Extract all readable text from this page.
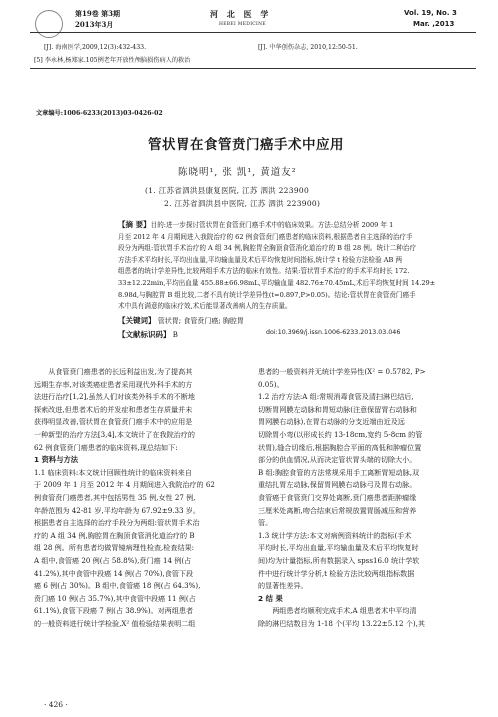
第19卷 第3期
2013年3月
河 北 医 学
HEBEI MEDICINE
Vol. 19, No. 3
Mar. ,2013
[J]. 海南医学,2009,12(3):432-433.
[5] 李永林,杨郑家.105例老年开放性颅脑损伤病人的救治
[J]. 中华创伤杂志, 2010,12:50-51.
文章编号:1006-6233(2013)03-0426-02
管状胃在食管贲门癌手术中应用
陈晓明¹, 张 凯¹, 黄道友²
(1. 江苏省泗洪县康复医院, 江苏 泗洪 223900
2. 江苏省泗洪县中医院, 江苏 泗洪 223900)
【摘 要】目的:进一步探讨管状胃在食管贲门癌手术中的临床效果。方法:总结分析 2009 年 1
月至 2012 年 4 月期间进入我院治疗的 62 例食管贲门癌患者的临床资料,根据患者自主选择的治疗手
段分为两组:管状胃手术治疗的 A 组 34 例,胸腔胃全胸顶食管消化道治疗的 B 组 28 例。统计二种治疗
方法手术平均时长,平均出血量,平均输血量及术后平均恢复时间指标,统计学 t 检验方法检验 AB 两
组患者的统计学差异性,比较两组手术方法的临床有效性。结果:管状胃手术治疗的手术平均时长 172.
33±12.22min,平均出血量 455.88±66.98mL,平均输血量 482.76±70.45mL,术后平均恢复时间 14.29±
8.98d,与胸腔胃 B 组比较,二者不具有统计学差异性(t=0.897,P>0.05)。结论:管状胃在食管贲门癌手
术中具有满意的临床疗效,术后能显著改善病人的生存质量。
【关键词】 管状胃; 食管贲门癌; 胸腔胃
【文献标识码】 B	doi:10.3969/j.issn.1006-6233.2013.03.046

从食管贲门癌患者的长远利益出发,为了提高其

远期生存率,对该类癌症患者采用现代外科手术的方

法进行治疗[1,2],虽然人们对该类外科手术的不断地

探索改进,但患者术后的并发症和患者生存质量并未

获得明显改善,管状胃在食管贲门癌手术中的应用是

一种新型的治疗方法[3,4],本文统计了在我院治疗的

62 例食管贲门癌患者的临床资料,现总结如下:

1 资料与方法

1.1 临床资料:本文统计回顾性统计的临床资料来自

于 2009 年 1 月至 2012 年 4 月期间进入我院治疗的 62

例食管贲门癌患者,其中包括男性 35 例,女性 27 例,

年龄范围为 42-81 岁,平均年龄为 67.92±9.33 岁。

根据患者自主选择的治疗手段分为两组:管状胃手术治

疗的 A 组 34 例,胸腔胃在胸顶食管消化道治疗的 B

组 28 例。所有患者均做胃镜病理性检查,检查结果:

A 组中,食管癌 20 例(占 58.8%),贲门癌 14 例(占

41.2%),其中食管中段癌 14 例(占 70%),食管下段

癌 6 例(占 30%)。B 组中,食管癌 18 例(占 64.3%),

贲门癌 10 例(占 35.7%),其中食管中段癌 11 例(占

61.1%),食管下段癌 7 例(占 38.9%)。对两组患者

的一般资料进行统计学检验,X² 值检验结果表明二组

患者的一般资料并无统计学差异性(X² = 0.5782, P>

0.05)。

1.2 治疗方法:A 组:常规消毒食管及清扫淋巴结后,

切断胃网膜左动脉和胃短动脉(注意保留胃右动脉和

胃网膜右动脉),在胃右动脉的分支近端由近及远

切除胃小弯(以形成长约 13-18cm,宽约 5-8cm 的管

状胃),缝合切缘后,根据胸腔合平面的高低和肿瘤位置

部分的供血情况,从而决定管状胃头端的切除大小。

B 组:胸腔食管的方法常规采用手工离断胃短动脉,双

重结扎胃左动脉,保留胃网膜右动脉弓及胃右动脉。

食管癌于食管贲门交界处离断,贲门癌患者距肿瘤缘

三厘米处离断,吻合结束后常规放置胃肠减压和营养

管。

1.3 统计学方法:本文对病例资料统计的指标(手术

平均时长,平均出血量,平均输血量及术后平均恢复时

间)均为计量指标,所有数据录入 spss16.0 统计学软

件中进行统计学分析,t 检验方法比较两组指标数据

的显著性差异。

2 结 果

两组患者均顺利完成手术,A 组患者术中平均清

除的淋巴结数目为 1-18 个(平均 13.22±5.12 个),其

· 426 ·
